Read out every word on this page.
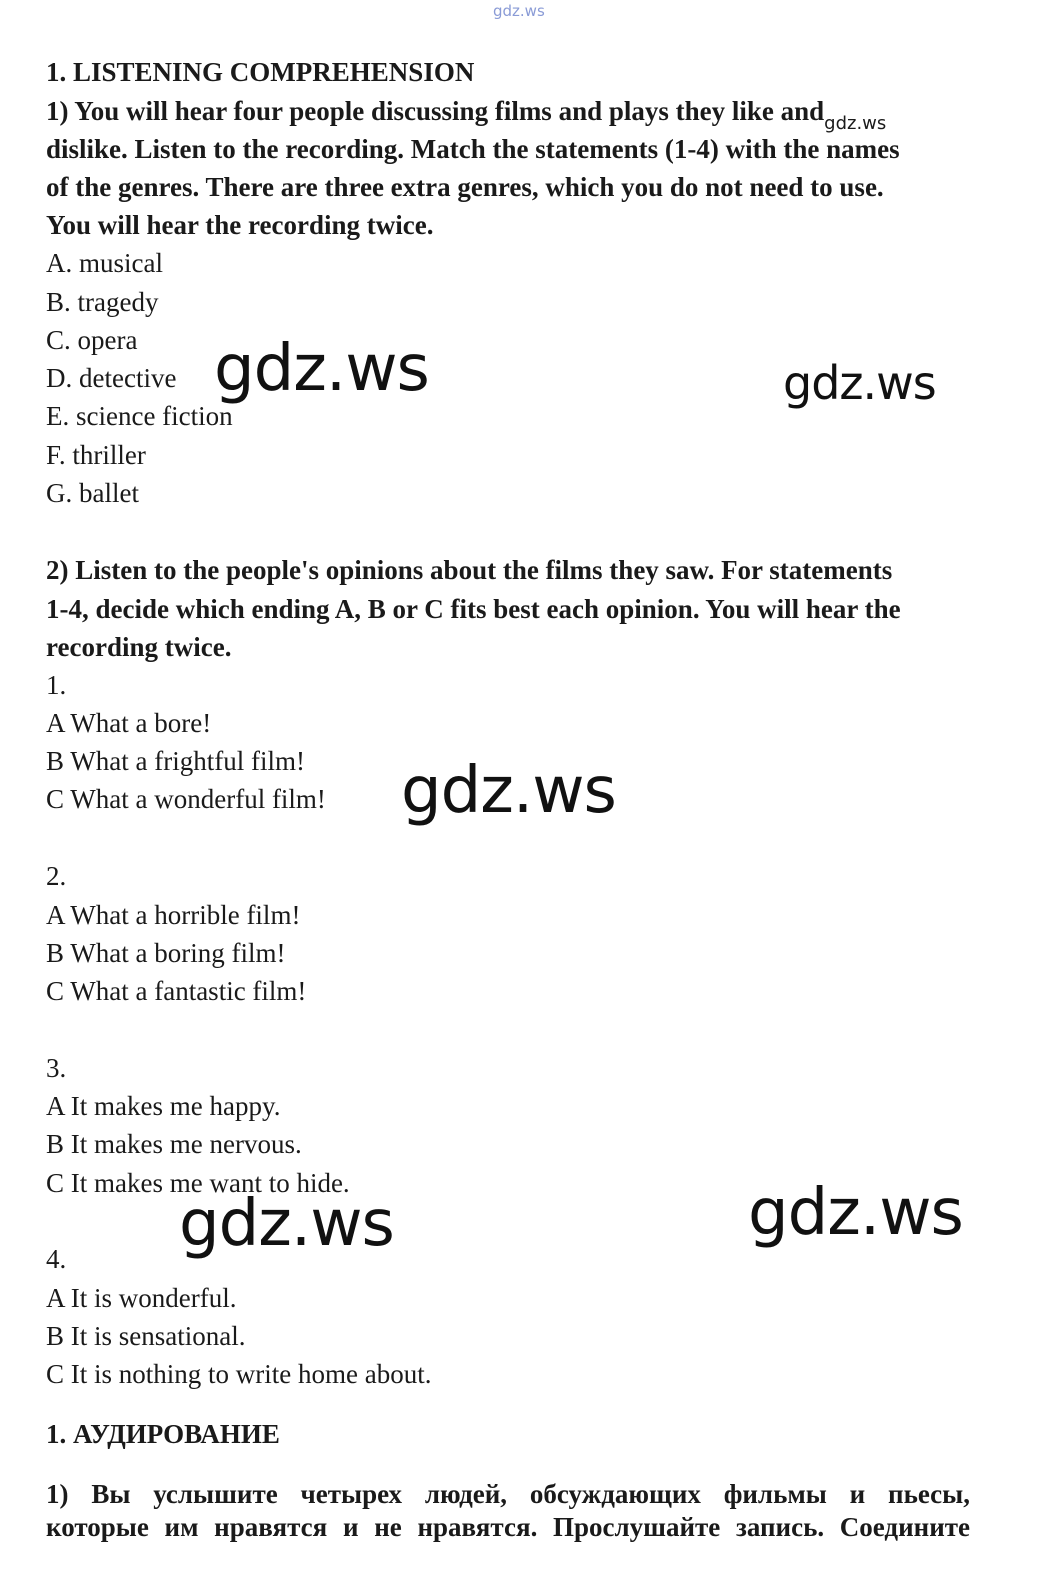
gdz.ws
1. LISTENING COMPREHENSION
1) You will hear four people discussing films and plays they like and$_{gdz.ws}$
dislike. Listen to the recording. Match the statements (1-4) with the names
of the genres. There are three extra genres, which you do not need to use.
You will hear the recording twice.
A. musical
B. tragedy
C. opera
D. detective
E. science fiction
F. thriller
G. ballet
2) Listen to the people's opinions about the films they saw. For statements
1-4, decide which ending A, B or C fits best each opinion. You will hear the
recording twice.
1.
A What a bore!
B What a frightful film!
C What a wonderful film!
2.
A What a horrible film!
B What a boring film!
C What a fantastic film!
3.
A It makes me happy.
B It makes me nervous.
C It makes me want to hide.
4.
A It is wonderful.
B It is sensational.
C It is nothing to write home about.
1. АУДИРОВАНИЕ
1) Вы услышите четырех людей, обсуждающих фильмы и пьесы,
которые им нравятся и не нравятся. Прослушайте запись. Соедините
gdz.ws	gdz.ws
gdz.ws
gdz.ws	gdz.ws
